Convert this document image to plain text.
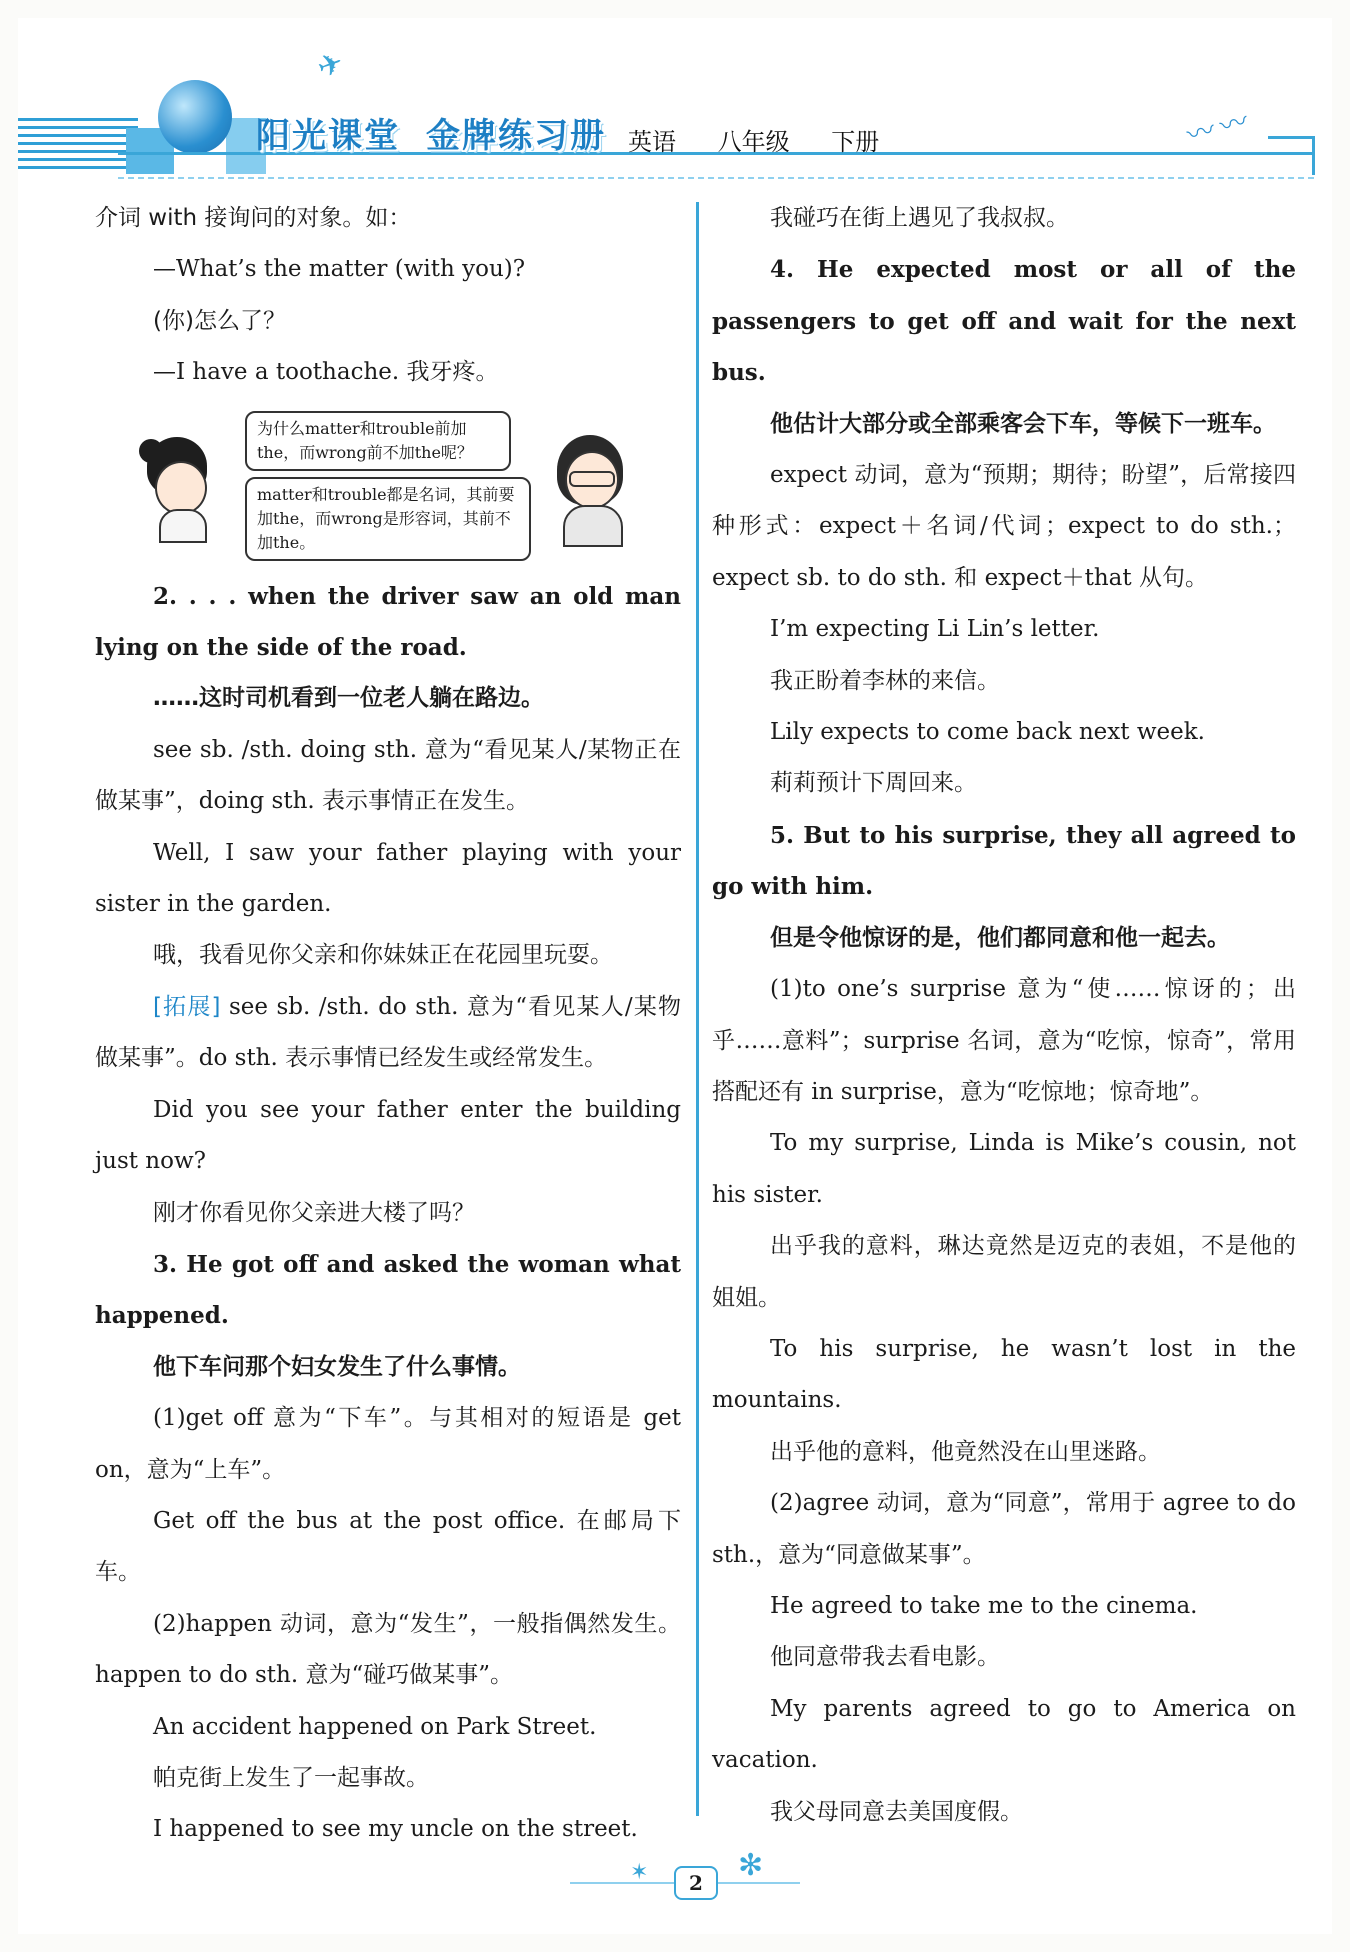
✈
阳光课堂 金牌练习册 英语 八年级 下册	〰〰

介词 with 接询问的对象。如：

—What’s the matter (with you)?

(你)怎么了？

—I have a toothache. 我牙疼。

为什么matter和trouble前加the，而wrong前不加the呢？
matter和trouble都是名词，其前要加the，而wrong是形容词，其前不加the。

2. . . . when the driver saw an old man lying on the side of the road.

……这时司机看到一位老人躺在路边。

see sb. /sth. doing sth. 意为“看见某人/某物正在做某事”，doing sth. 表示事情正在发生。

Well, I saw your father playing with your sister in the garden.

哦，我看见你父亲和你妹妹正在花园里玩耍。

[拓展] see sb. /sth. do sth. 意为“看见某人/某物做某事”。do sth. 表示事情已经发生或经常发生。

Did you see your father enter the building just now?

刚才你看见你父亲进大楼了吗？

3. He got off and asked the woman what happened.

他下车问那个妇女发生了什么事情。

(1)get off 意为“下车”。与其相对的短语是 get on，意为“上车”。

Get off the bus at the post office. 在邮局下车。

(2)happen 动词，意为“发生”，一般指偶然发生。happen to do sth. 意为“碰巧做某事”。

An accident happened on Park Street.

帕克街上发生了一起事故。

I happened to see my uncle on the street.

我碰巧在街上遇见了我叔叔。

4. He expected most or all of the passengers to get off and wait for the next bus.

他估计大部分或全部乘客会下车，等候下一班车。

expect 动词，意为“预期；期待；盼望”，后常接四种形式：expect＋名词/代词；expect to do sth.；expect sb. to do sth. 和 expect＋that 从句。

I’m expecting Li Lin’s letter.

我正盼着李林的来信。

Lily expects to come back next week.

莉莉预计下周回来。

5. But to his surprise, they all agreed to go with him.

但是令他惊讶的是，他们都同意和他一起去。

(1)to one’s surprise 意为“使……惊讶的；出乎……意料”；surprise 名词，意为“吃惊，惊奇”，常用搭配还有 in surprise，意为“吃惊地；惊奇地”。

To my surprise, Linda is Mike’s cousin, not his sister.

出乎我的意料，琳达竟然是迈克的表姐，不是他的姐姐。

To his surprise, he wasn’t lost in the mountains.

出乎他的意料，他竟然没在山里迷路。

(2)agree 动词，意为“同意”，常用于 agree to do sth.，意为“同意做某事”。

He agreed to take me to the cinema.

他同意带我去看电影。

My parents agreed to go to America on vacation.

我父母同意去美国度假。

✶	2	✻
